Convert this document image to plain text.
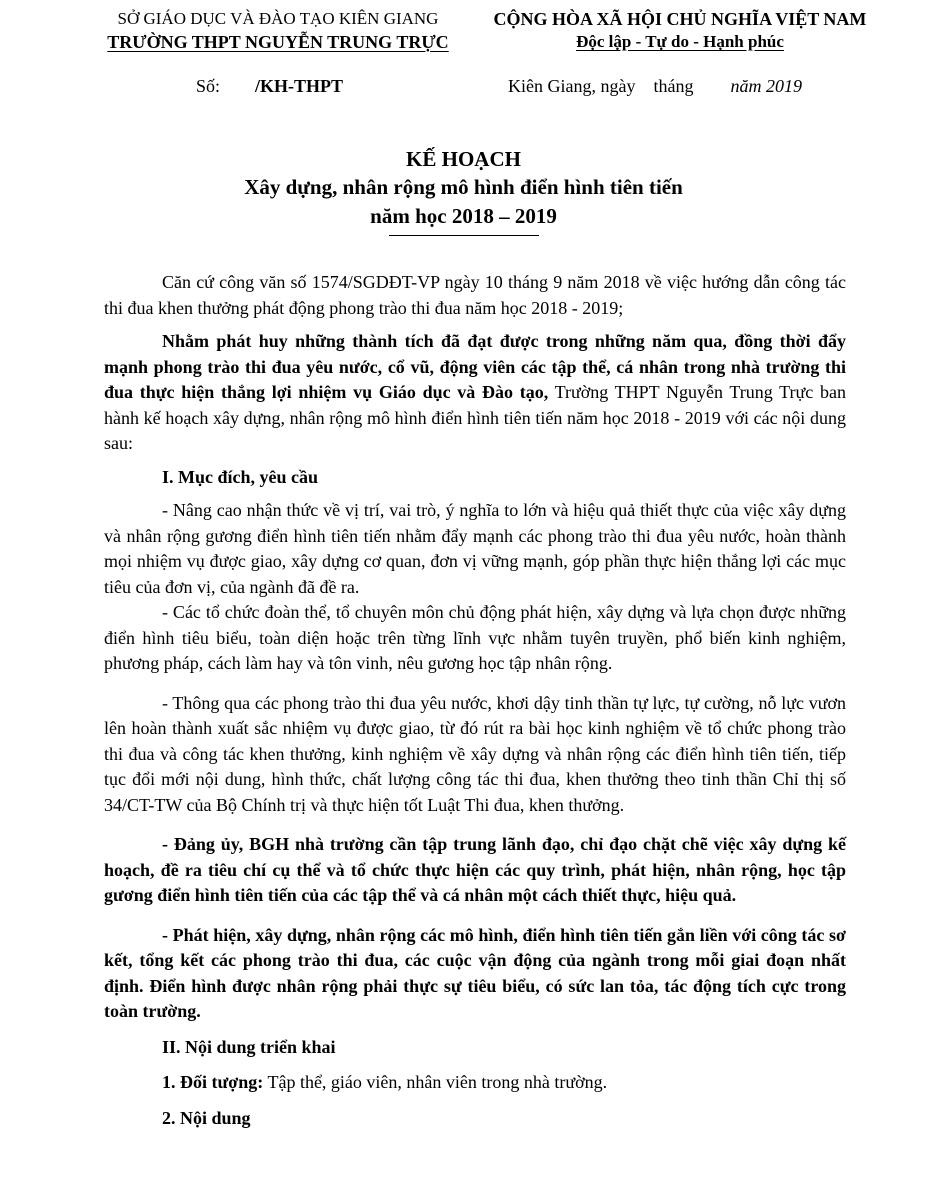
SỞ GIÁO DỤC VÀ ĐÀO TẠO KIÊN GIANG
TRƯỜNG THPT NGUYỄN TRUNG TRỰC
CỘNG HÒA XÃ HỘI CHỦ NGHĨA VIỆT NAM
Độc lập - Tự do - Hạnh phúc
Số: /KH-THPT	Kiên Giang, ngày    tháng năm 2019
KẾ HOẠCH
Xây dựng, nhân rộng mô hình điển hình tiên tiến
năm học 2018 – 2019

Căn cứ công văn số 1574/SGDĐT-VP ngày 10 tháng 9 năm 2018 về việc hướng dẫn công tác thi đua khen thưởng phát động phong trào thi đua năm học 2018 - 2019;

Nhằm phát huy những thành tích đã đạt được trong những năm qua, đồng thời đẩy mạnh phong trào thi đua yêu nước, cổ vũ, động viên các tập thể, cá nhân trong nhà trường thi đua thực hiện thắng lợi nhiệm vụ Giáo dục và Đào tạo, Trường THPT Nguyễn Trung Trực ban hành kế hoạch xây dựng, nhân rộng mô hình điển hình tiên tiến năm học 2018 - 2019 với các nội dung sau:

I. Mục đích, yêu cầu

- Nâng cao nhận thức về vị trí, vai trò, ý nghĩa to lớn và hiệu quả thiết thực của việc xây dựng và nhân rộng gương điển hình tiên tiến nhằm đẩy mạnh các phong trào thi đua yêu nước, hoàn thành mọi nhiệm vụ được giao, xây dựng cơ quan, đơn vị vững mạnh, góp phần thực hiện thắng lợi các mục tiêu của đơn vị, của ngành đã đề ra.

- Các tổ chức đoàn thể, tổ chuyên môn chủ động phát hiện, xây dựng và lựa chọn được những điển hình tiêu biểu, toàn diện hoặc trên từng lĩnh vực nhằm tuyên truyền, phổ biến kinh nghiệm, phương pháp, cách làm hay và tôn vinh, nêu gương học tập nhân rộng.

- Thông qua các phong trào thi đua yêu nước, khơi dậy tinh thần tự lực, tự cường, nỗ lực vươn lên hoàn thành xuất sắc nhiệm vụ được giao, từ đó rút ra bài học kinh nghiệm về tổ chức phong trào thi đua và công tác khen thưởng, kinh nghiệm về xây dựng và nhân rộng các điển hình tiên tiến, tiếp tục đổi mới nội dung, hình thức, chất lượng công tác thi đua, khen thưởng theo tinh thần Chỉ thị số 34/CT-TW của Bộ Chính trị và thực hiện tốt Luật Thi đua, khen thưởng.

- Đảng ủy, BGH nhà trường cần tập trung lãnh đạo, chỉ đạo chặt chẽ việc xây dựng kế hoạch, đề ra tiêu chí cụ thể và tổ chức thực hiện các quy trình, phát hiện, nhân rộng, học tập gương điển hình tiên tiến của các tập thể và cá nhân một cách thiết thực, hiệu quả.

- Phát hiện, xây dựng, nhân rộng các mô hình, điển hình tiên tiến gắn liền với công tác sơ kết, tổng kết các phong trào thi đua, các cuộc vận động của ngành trong mỗi giai đoạn nhất định. Điển hình được nhân rộng phải thực sự tiêu biểu, có sức lan tỏa, tác động tích cực trong toàn trường.

II. Nội dung triển khai

1. Đối tượng: Tập thể, giáo viên, nhân viên trong nhà trường.

2. Nội dung
